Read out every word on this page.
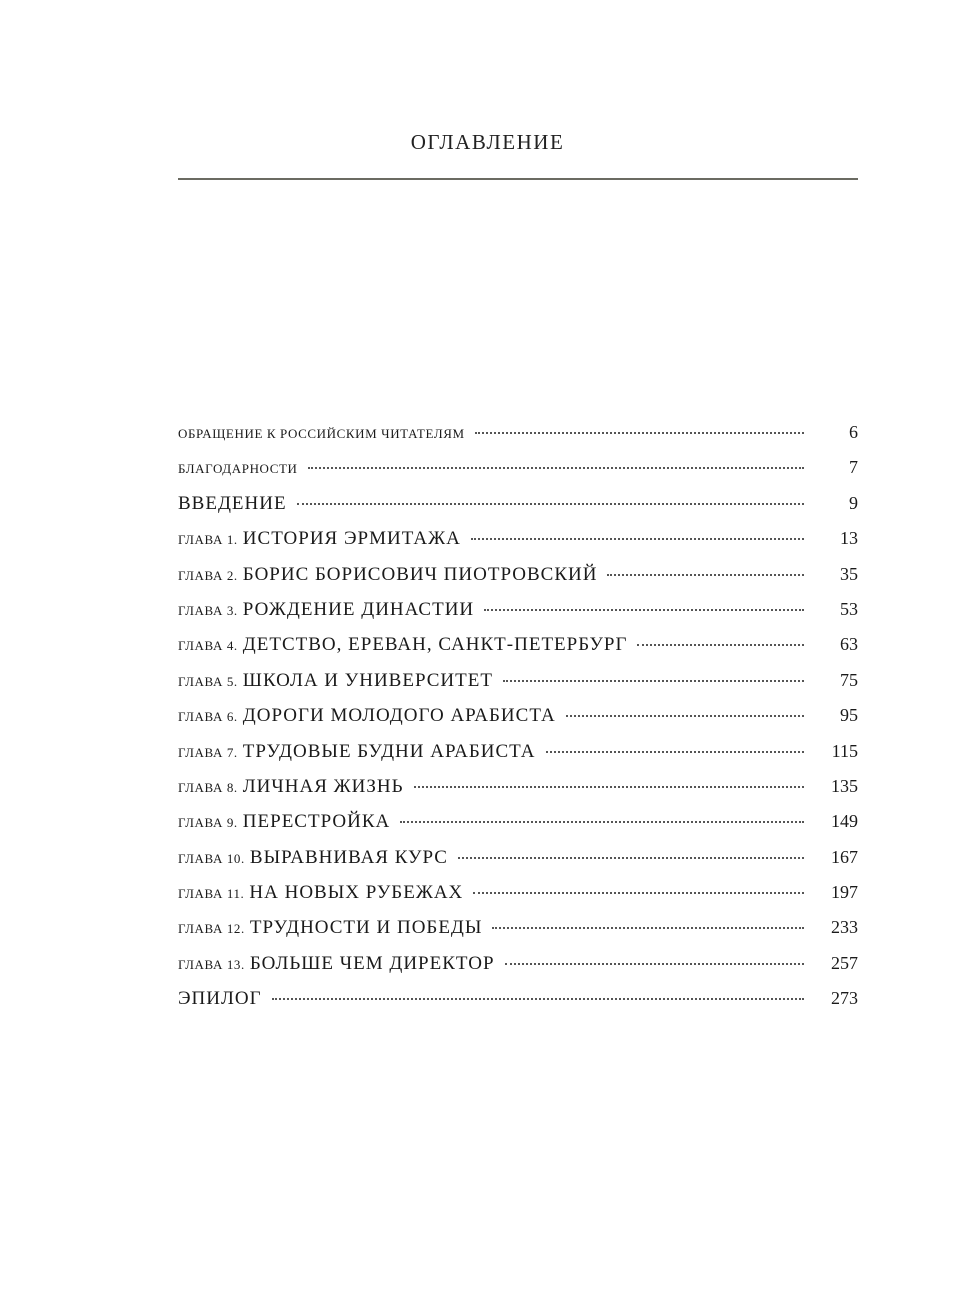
ОГЛАВЛЕНИЕ
ОБРАЩЕНИЕ К РОССИЙСКИМ ЧИТАТЕЛЯМ	6
БЛАГОДАРНОСТИ	7
ВВЕДЕНИЕ	9
ГЛАВА 1. ИСТОРИЯ ЭРМИТАЖА	13
ГЛАВА 2. БОРИС БОРИСОВИЧ ПИОТРОВСКИЙ	35
ГЛАВА 3. РОЖДЕНИЕ ДИНАСТИИ	53
ГЛАВА 4. ДЕТСТВО, ЕРЕВАН, САНКТ-ПЕТЕРБУРГ	63
ГЛАВА 5. ШКОЛА И УНИВЕРСИТЕТ	75
ГЛАВА 6. ДОРОГИ МОЛОДОГО АРАБИСТА	95
ГЛАВА 7. ТРУДОВЫЕ БУДНИ АРАБИСТА	115
ГЛАВА 8. ЛИЧНАЯ ЖИЗНЬ	135
ГЛАВА 9. ПЕРЕСТРОЙКА	149
ГЛАВА 10. ВЫРАВНИВАЯ КУРС	167
ГЛАВА 11. НА НОВЫХ РУБЕЖАХ	197
ГЛАВА 12. ТРУДНОСТИ И ПОБЕДЫ	233
ГЛАВА 13. БОЛЬШЕ ЧЕМ ДИРЕКТОР	257
ЭПИЛОГ	273
